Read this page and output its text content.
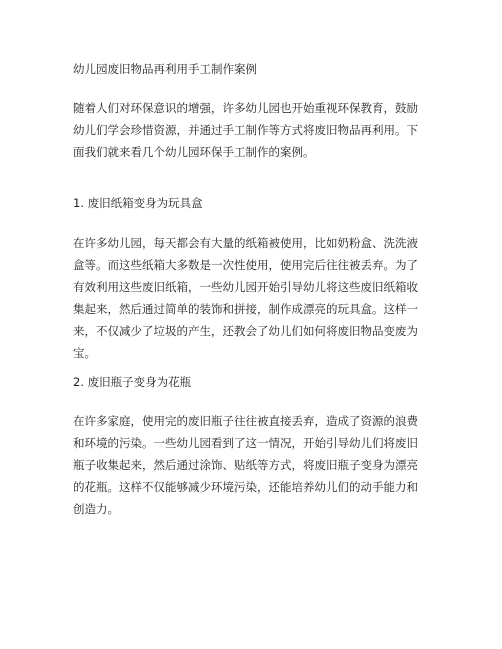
幼儿园废旧物品再利用手工制作案例
随着人们对环保意识的增强，许多幼儿园也开始重视环保教育，鼓励
幼儿们学会珍惜资源，并通过手工制作等方式将废旧物品再利用。下
面我们就来看几个幼儿园环保手工制作的案例。
1. 废旧纸箱变身为玩具盒
在许多幼儿园，每天都会有大量的纸箱被使用，比如奶粉盒、洗洗液
盒等。而这些纸箱大多数是一次性使用，使用完后往往被丢弃。为了
有效利用这些废旧纸箱，一些幼儿园开始引导幼儿将这些废旧纸箱收
集起来，然后通过简单的装饰和拼接，制作成漂亮的玩具盒。这样一
来，不仅减少了垃圾的产生，还教会了幼儿们如何将废旧物品变废为
宝。
2. 废旧瓶子变身为花瓶
在许多家庭，使用完的废旧瓶子往往被直接丢弃，造成了资源的浪费
和环境的污染。一些幼儿园看到了这一情况，开始引导幼儿们将废旧
瓶子收集起来，然后通过涂饰、贴纸等方式，将废旧瓶子变身为漂亮
的花瓶。这样不仅能够减少环境污染，还能培养幼儿们的动手能力和
创造力。
